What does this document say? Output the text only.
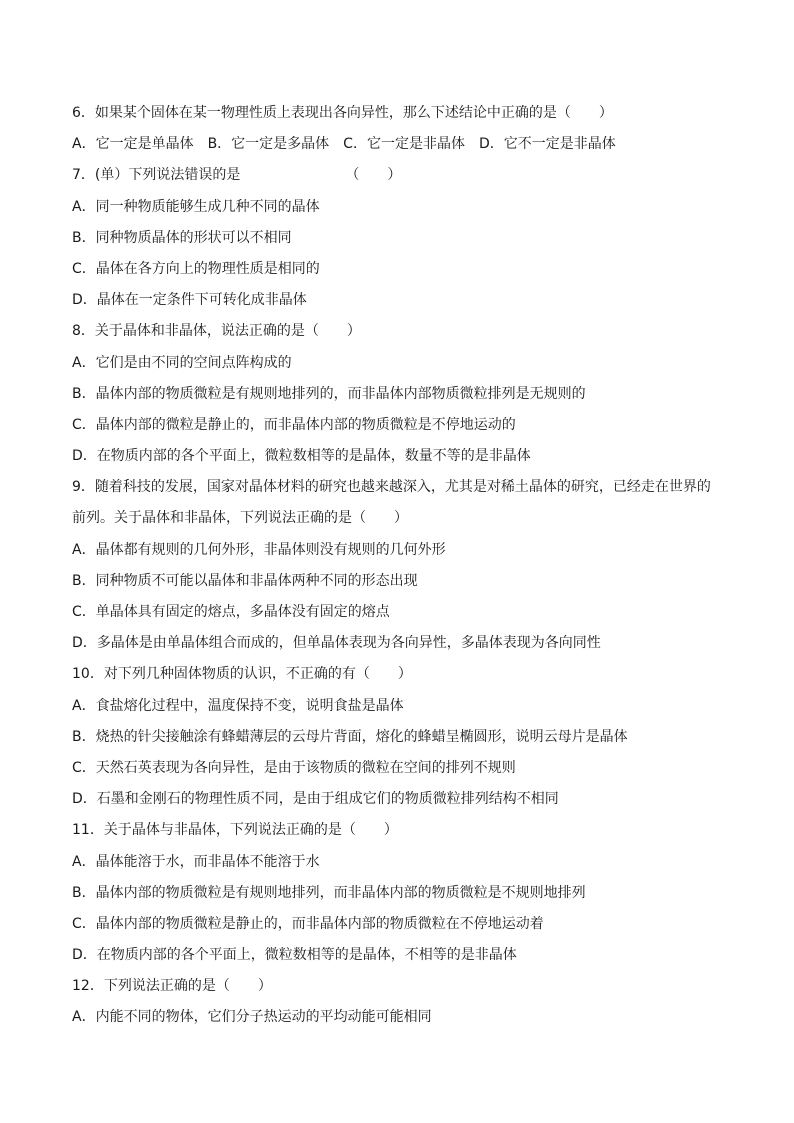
6．如果某个固体在某一物理性质上表现出各向异性，那么下述结论中正确的是（　　）
A．它一定是单晶体　B．它一定是多晶体　C．它一定是非晶体　D．它不一定是非晶体
7．(单）下列说法错误的是　　　　　　　　（　　）
A．同一种物质能够生成几种不同的晶体
B．同种物质晶体的形状可以不相同
C．晶体在各方向上的物理性质是相同的
D．晶体在一定条件下可转化成非晶体
8．关于晶体和非晶体，说法正确的是（　　）
A．它们是由不同的空间点阵构成的
B．晶体内部的物质微粒是有规则地排列的，而非晶体内部物质微粒排列是无规则的
C．晶体内部的微粒是静止的，而非晶体内部的物质微粒是不停地运动的
D．在物质内部的各个平面上，微粒数相等的是晶体，数量不等的是非晶体
9．随着科技的发展，国家对晶体材料的研究也越来越深入，尤其是对稀土晶体的研究，已经走在世界的
前列。关于晶体和非晶体，下列说法正确的是（　　）
A．晶体都有规则的几何外形，非晶体则没有规则的几何外形
B．同种物质不可能以晶体和非晶体两种不同的形态出现
C．单晶体具有固定的熔点，多晶体没有固定的熔点
D．多晶体是由单晶体组合而成的，但单晶体表现为各向异性，多晶体表现为各向同性
10．对下列几种固体物质的认识，不正确的有（　　）
A．食盐熔化过程中，温度保持不变，说明食盐是晶体
B．烧热的针尖接触涂有蜂蜡薄层的云母片背面，熔化的蜂蜡呈椭圆形，说明云母片是晶体
C．天然石英表现为各向异性，是由于该物质的微粒在空间的排列不规则
D．石墨和金刚石的物理性质不同，是由于组成它们的物质微粒排列结构不相同
11．关于晶体与非晶体，下列说法正确的是（　　）
A．晶体能溶于水，而非晶体不能溶于水
B．晶体内部的物质微粒是有规则地排列，而非晶体内部的物质微粒是不规则地排列
C．晶体内部的物质微粒是静止的，而非晶体内部的物质微粒在不停地运动着
D．在物质内部的各个平面上，微粒数相等的是晶体，不相等的是非晶体
12．下列说法正确的是（　　）
A．内能不同的物体，它们分子热运动的平均动能可能相同
